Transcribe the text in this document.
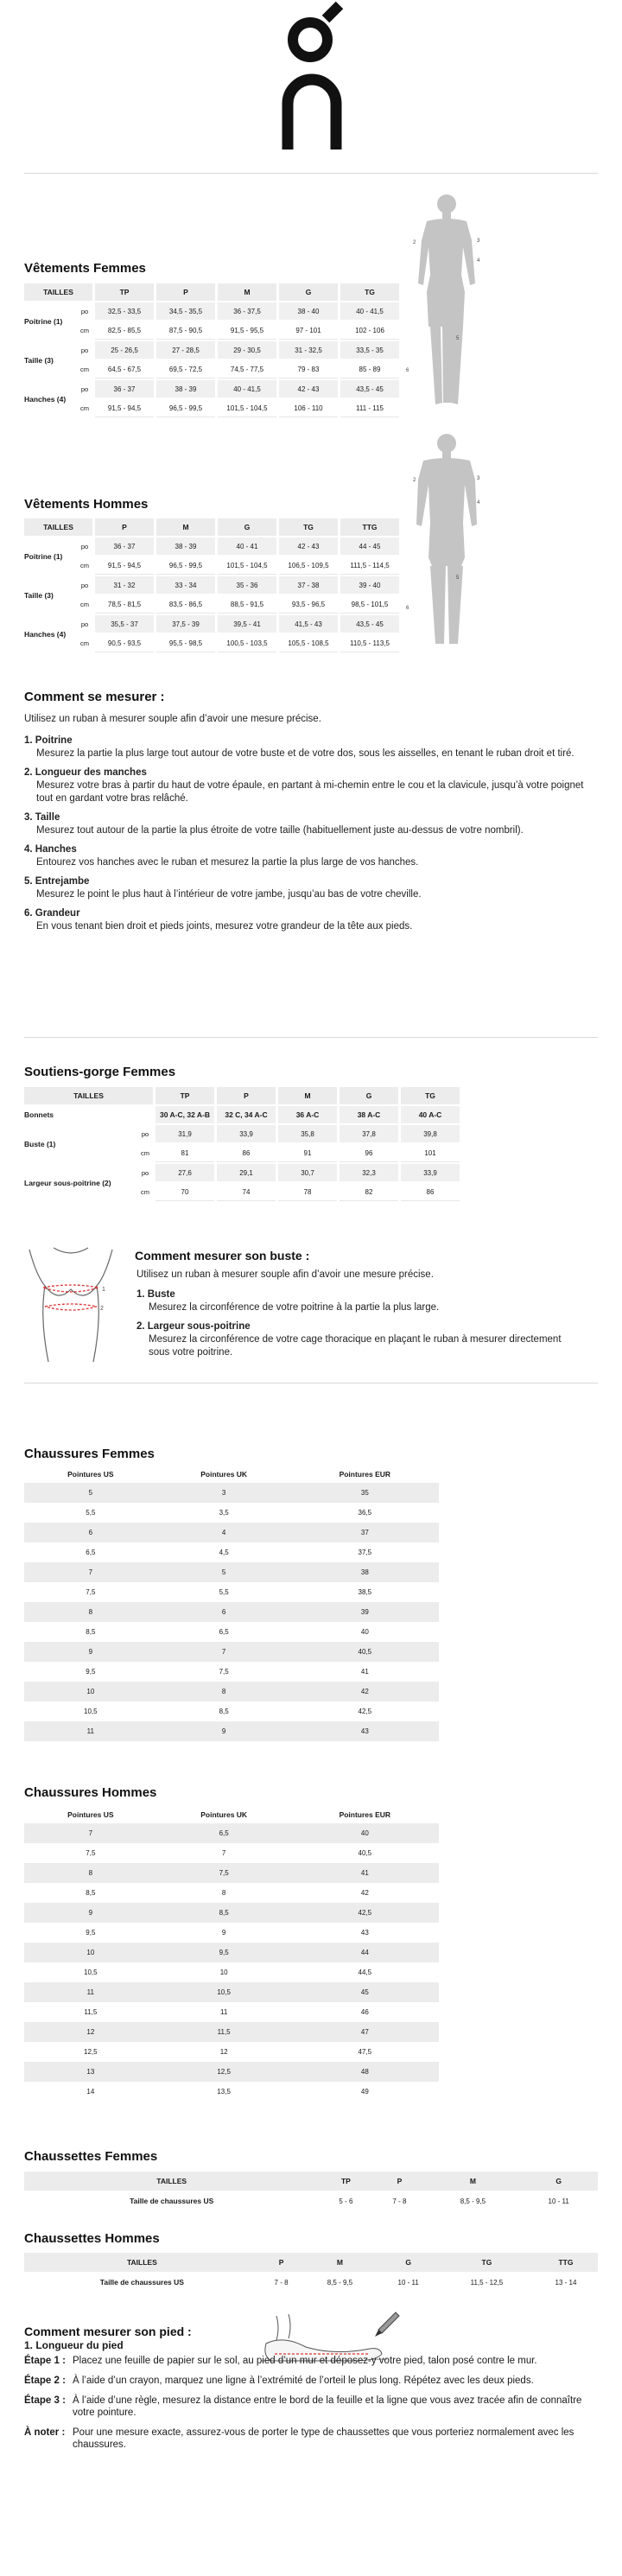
Vêtements Femmes
TAILLES		TP	P	M	G	TG
Poitrine (1)	po	32,5 - 33,5	34,5 - 35,5	36 - 37,5	38 - 40	40 - 41,5
	cm	82,5 - 85,5	87,5 - 90,5	91,5 - 95,5	97 - 101	102 - 106
Taille (3)	po	25 - 26,5	27 - 28,5	29 - 30,5	31 - 32,5	33,5 - 35
	cm	64,5 - 67,5	69,5 - 72,5	74,5 - 77,5	79 - 83	85 - 89
Hanches (4)	po	36 - 37	38 - 39	40 - 41,5	42 - 43	43,5 - 45
	cm	91,5 - 94,5	96,5 - 99,5	101,5 - 104,5	106 - 110	111 - 115
3
2
4
6
5
Vêtements Hommes
TAILLES		P	M	G	TG	TTG
Poitrine (1)	po	36 - 37	38 - 39	40 - 41	42 - 43	44 - 45
	cm	91,5 - 94,5	96,5 - 99,5	101,5 - 104,5	106,5 - 109,5	111,5 - 114,5
Taille (3)	po	31 - 32	33 - 34	35 - 36	37 - 38	39 - 40
	cm	78,5 - 81,5	83,5 - 86,5	88,5 - 91,5	93,5 - 96,5	98,5 - 101,5
Hanches (4)	po	35,5 - 37	37,5 - 39	39,5 - 41	41,5 - 43	43,5 - 45
	cm	90,5 - 93,5	95,5 - 98,5	100,5 - 103,5	105,5 - 108,5	110,5 - 113,5
3
2
4
6
5
Comment se mesurer :
Utilisez un ruban à mesurer souple afin d’avoir une mesure précise.
1. Poitrine
Mesurez la partie la plus large tout autour de votre buste et de votre dos, sous les aisselles, en tenant le ruban droit et tiré.
2. Longueur des manches
Mesurez votre bras à partir du haut de votre épaule, en partant à mi-chemin entre le cou et la clavicule, jusqu’à votre poignet tout en gardant votre bras relâché.
3. Taille
Mesurez tout autour de la partie la plus étroite de votre taille (habituellement juste au-dessus de votre nombril).
4. Hanches
Entourez vos hanches avec le ruban et mesurez la partie la plus large de vos hanches.
5. Entrejambe
Mesurez le point le plus haut à l’intérieur de votre jambe, jusqu’au bas de votre cheville.
6. Grandeur
En vous tenant bien droit et pieds joints, mesurez votre grandeur de la tête aux pieds.
Soutiens-gorge Femmes
TAILLES		TP	P	M	G	TG
Bonnets		30 A-C, 32 A-B	32 C, 34 A-C	36 A-C	38 A-C	40 A-C
Buste (1)	po	31,9	33,9	35,8	37,8	39,8
	cm	81	86	91	96	101
Largeur sous-poitrine (2)	po	27,6	29,1	30,7	32,3	33,9
	cm	70	74	78	82	86
1
2
Comment mesurer son buste :
Utilisez un ruban à mesurer souple afin d’avoir une mesure précise.
1. Buste
Mesurez la circonférence de votre poitrine à la partie la plus large.
2. Largeur sous-poitrine
Mesurez la circonférence de votre cage thoracique en plaçant le ruban à mesurer directement sous votre poitrine.
Chaussures Femmes
Pointures US	Pointures UK	Pointures EUR
5	3	35
5,5	3,5	36,5
6	4	37
6,5	4,5	37,5
7	5	38
7,5	5,5	38,5
8	6	39
8,5	6,5	40
9	7	40,5
9,5	7,5	41
10	8	42
10,5	8,5	42,5
11	9	43
Chaussures Hommes
Pointures US	Pointures UK	Pointures EUR
7	6,5	40
7,5	7	40,5
8	7,5	41
8,5	8	42
9	8,5	42,5
9,5	9	43
10	9,5	44
10,5	10	44,5
11	10,5	45
11,5	11	46
12	11,5	47
12,5	12	47,5
13	12,5	48
14	13,5	49
Chaussettes Femmes
TAILLES	TP	P	M	G
Taille de chaussures US	5 - 6	7 - 8	8,5 - 9,5	10 - 11
Chaussettes Hommes
TAILLES	P	M	G	TG	TTG
Taille de chaussures US	7 - 8	8,5 - 9,5	10 - 11	11,5 - 12,5	13 - 14
Comment mesurer son pied :
1. Longueur du pied
Étape 1 : Placez une feuille de papier sur le sol, au pied d’un mur et déposez-y votre pied, talon posé contre le mur.
Étape 2 : À l’aide d’un crayon, marquez une ligne à l’extrémité de l’orteil le plus long. Répétez avec les deux pieds.
Étape 3 : À l’aide d’une règle, mesurez la distance entre le bord de la feuille et la ligne que vous avez tracée afin de connaître votre pointure.
À noter : Pour une mesure exacte, assurez-vous de porter le type de chaussettes que vous porteriez normalement avec les chaussures.
